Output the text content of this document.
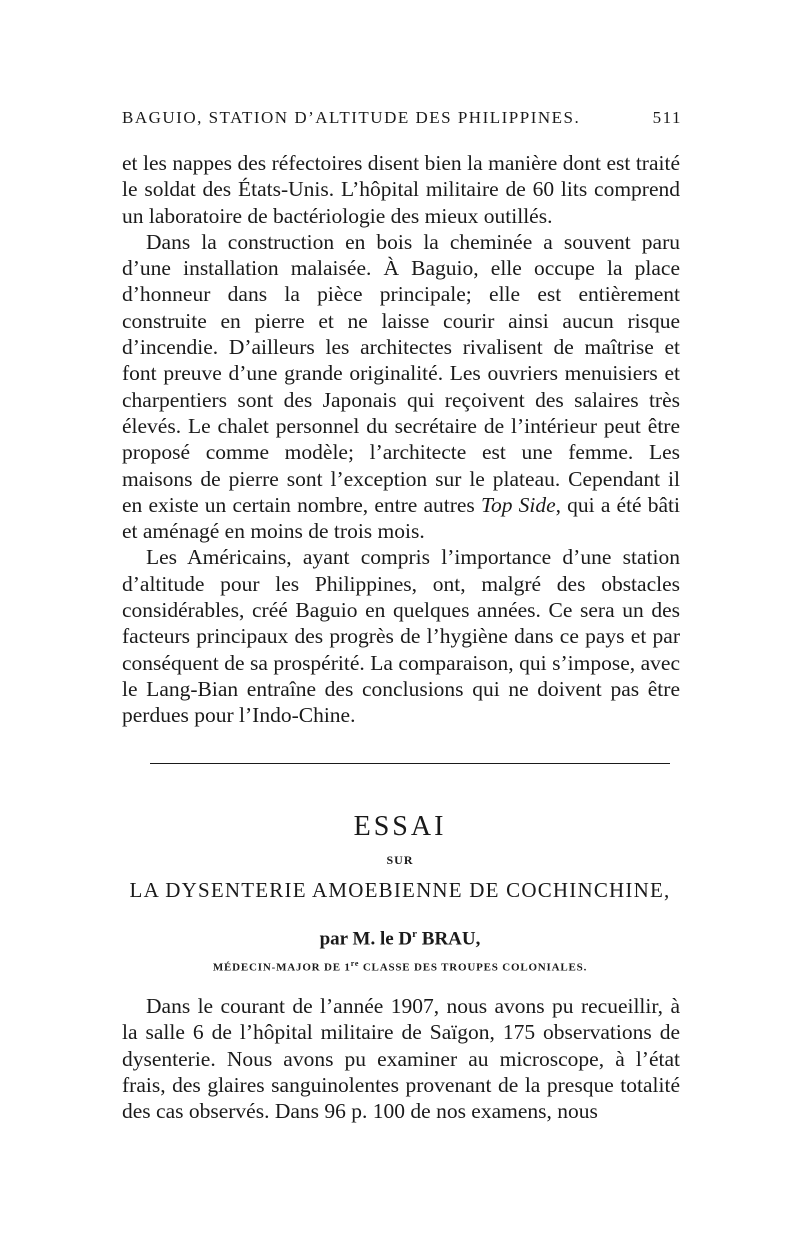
BAGUIO, STATION D’ALTITUDE DES PHILIPPINES.	511

et les nappes des réfectoires disent bien la manière dont est traité le soldat des États-Unis. L’hôpital militaire de 60 lits comprend un laboratoire de bactériologie des mieux outillés.

Dans la construction en bois la cheminée a souvent paru d’une installation malaisée. À Baguio, elle occupe la place d’honneur dans la pièce principale; elle est entièrement construite en pierre et ne laisse courir ainsi aucun risque d’incendie. D’ailleurs les architectes rivalisent de maîtrise et font preuve d’une grande originalité. Les ouvriers menuisiers et charpentiers sont des Japonais qui reçoivent des salaires très élevés. Le chalet personnel du secrétaire de l’intérieur peut être proposé comme modèle; l’architecte est une femme. Les maisons de pierre sont l’exception sur le plateau. Cependant il en existe un certain nombre, entre autres Top Side, qui a été bâti et aménagé en moins de trois mois.

Les Américains, ayant compris l’importance d’une station d’altitude pour les Philippines, ont, malgré des obstacles considérables, créé Baguio en quelques années. Ce sera un des facteurs principaux des progrès de l’hygiène dans ce pays et par conséquent de sa prospérité. La comparaison, qui s’impose, avec le Lang-Bian entraîne des conclusions qui ne doivent pas être perdues pour l’Indo-Chine.

ESSAI
SUR
LA DYSENTERIE AMOEBIENNE DE COCHINCHINE,
par M. le $D^r$ BRAU,
MÉDECIN-MAJOR DE 1re CLASSE DES TROUPES COLONIALES.

Dans le courant de l’année 1907, nous avons pu recueillir, à la salle 6 de l’hôpital militaire de Saïgon, 175 observations de dysenterie. Nous avons pu examiner au microscope, à l’état frais, des glaires sanguinolentes provenant de la presque totalité des cas observés. Dans 96 p. 100 de nos examens, nous
